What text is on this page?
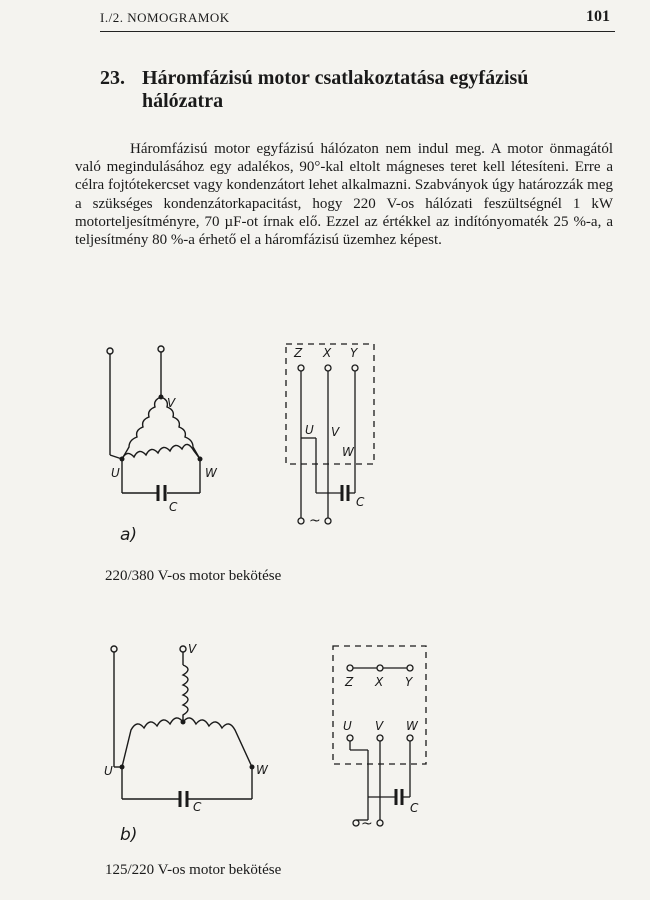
I./2. NOMOGRAMOK	101
23. Háromfázisú motor csatlakoztatása egyfázisú
hálózatra

Háromfázisú motor egyfázisú hálózaton nem indul meg. A motor önmagától való megindulásához egy adalékos, 90°-kal eltolt mágneses teret kell létesíteni. Erre a célra fojtótekercset vagy kondenzátort lehet alkalmazni. Szabványok úgy határozzák meg a szükséges kondenzátorkapacitást, hogy 220 V-os hálózati feszültségnél 1 kW motorteljesítményre, 70 µF-ot írnak elő. Ezzel az értékkel az indítónyomaték 25 %-a, a teljesítmény 80 %-a érhető el a háromfázisú üzemhez képest.

V
U	W
C
Z X Y
U V
W
C
~
a)
220/380 V-os motor bekötése
V
U	W
C
Z X Y
U V W
C
~
b)
125/220 V-os motor bekötése
